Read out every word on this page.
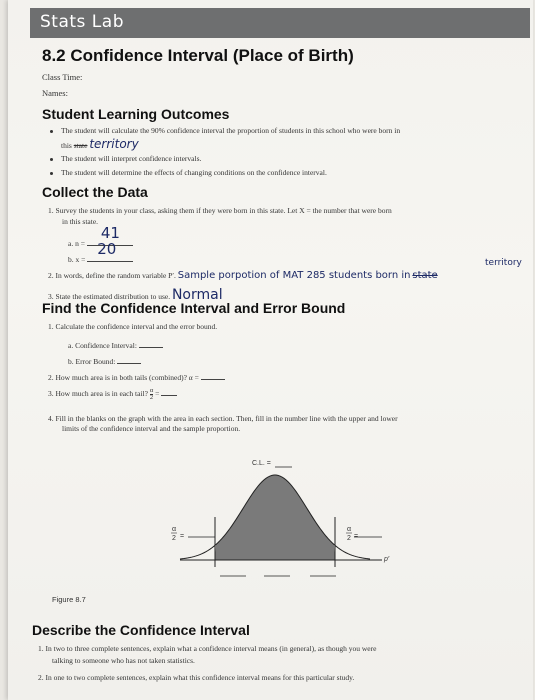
Stats Lab
8.2 Confidence Interval (Place of Birth)
Class Time:
Names:
Student Learning Outcomes
The student will calculate the 90% confidence interval the proportion of students in this school who were born in
this state territory
The student will interpret confidence intervals.
The student will determine the effects of changing conditions on the confidence interval.
Collect the Data
1. Survey the students in your class, asking them if they were born in this state. Let X = the number that were born
in this state.
a. n =
41
b. x =
20
2. In words, define the random variable P′. Sample porpotion of MAT 285 students born in state
territory
3. State the estimated distribution to use. Normal
Find the Confidence Interval and Error Bound
1. Calculate the confidence interval and the error bound.
a. Confidence Interval:
b. Error Bound:
2. How much area is in both tails (combined)? α =
3. How much area is in each tail? $\frac{\alpha}{2}$ =
4. Fill in the blanks on the graph with the area in each section. Then, fill in the number line with the upper and lower
limits of the confidence interval and the sample proportion.
C.L. =
α
2 =
α
2 =
p′
Figure 8.7
Describe the Confidence Interval
1. In two to three complete sentences, explain what a confidence interval means (in general), as though you were
talking to someone who has not taken statistics.
2. In one to two complete sentences, explain what this confidence interval means for this particular study.
